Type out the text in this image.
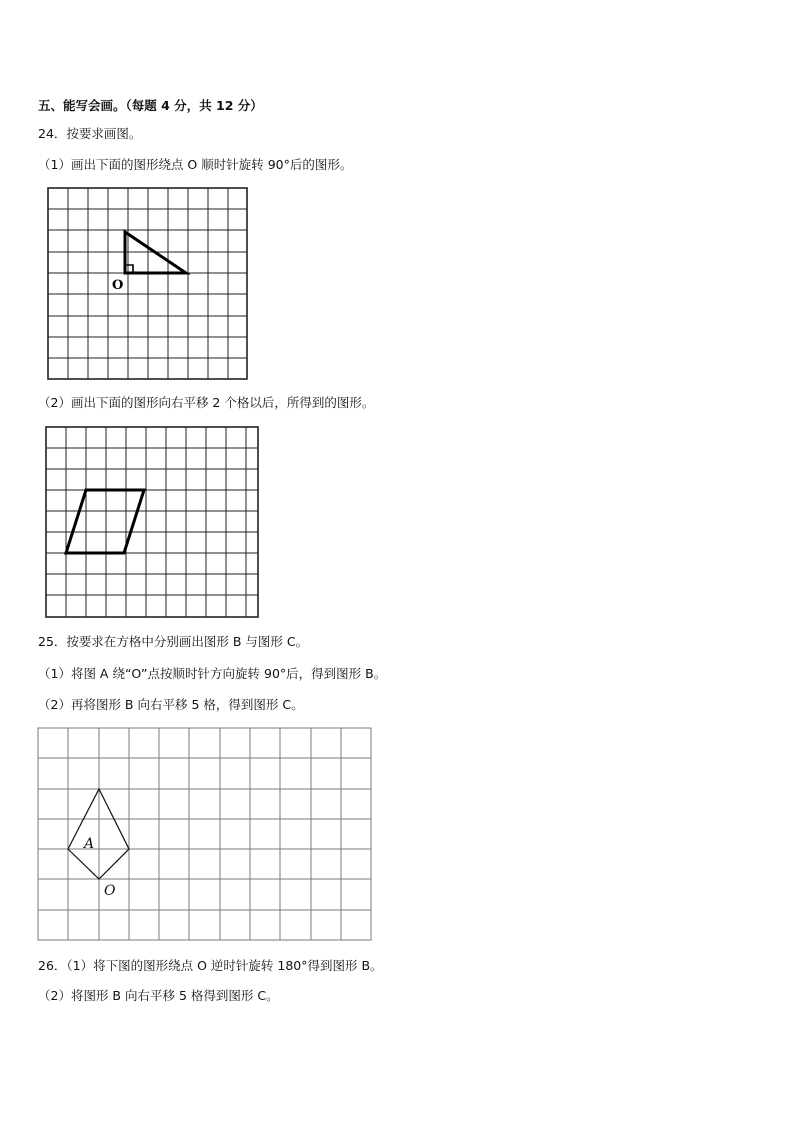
五、能写会画。（每题 4 分，共 12 分）
24．按要求画图。
（1）画出下面的图形绕点 O 顺时针旋转 90°后的图形。
O
（2）画出下面的图形向右平移 2 个格以后，所得到的图形。
25．按要求在方格中分别画出图形 B 与图形 C。
（1）将图 A 绕“O”点按顺时针方向旋转 90°后，得到图形 B。
（2）再将图形 B 向右平移 5 格，得到图形 C。
A
O
26．（1）将下图的图形绕点 O 逆时针旋转 180°得到图形 B。
（2）将图形 B 向右平移 5 格得到图形 C。
